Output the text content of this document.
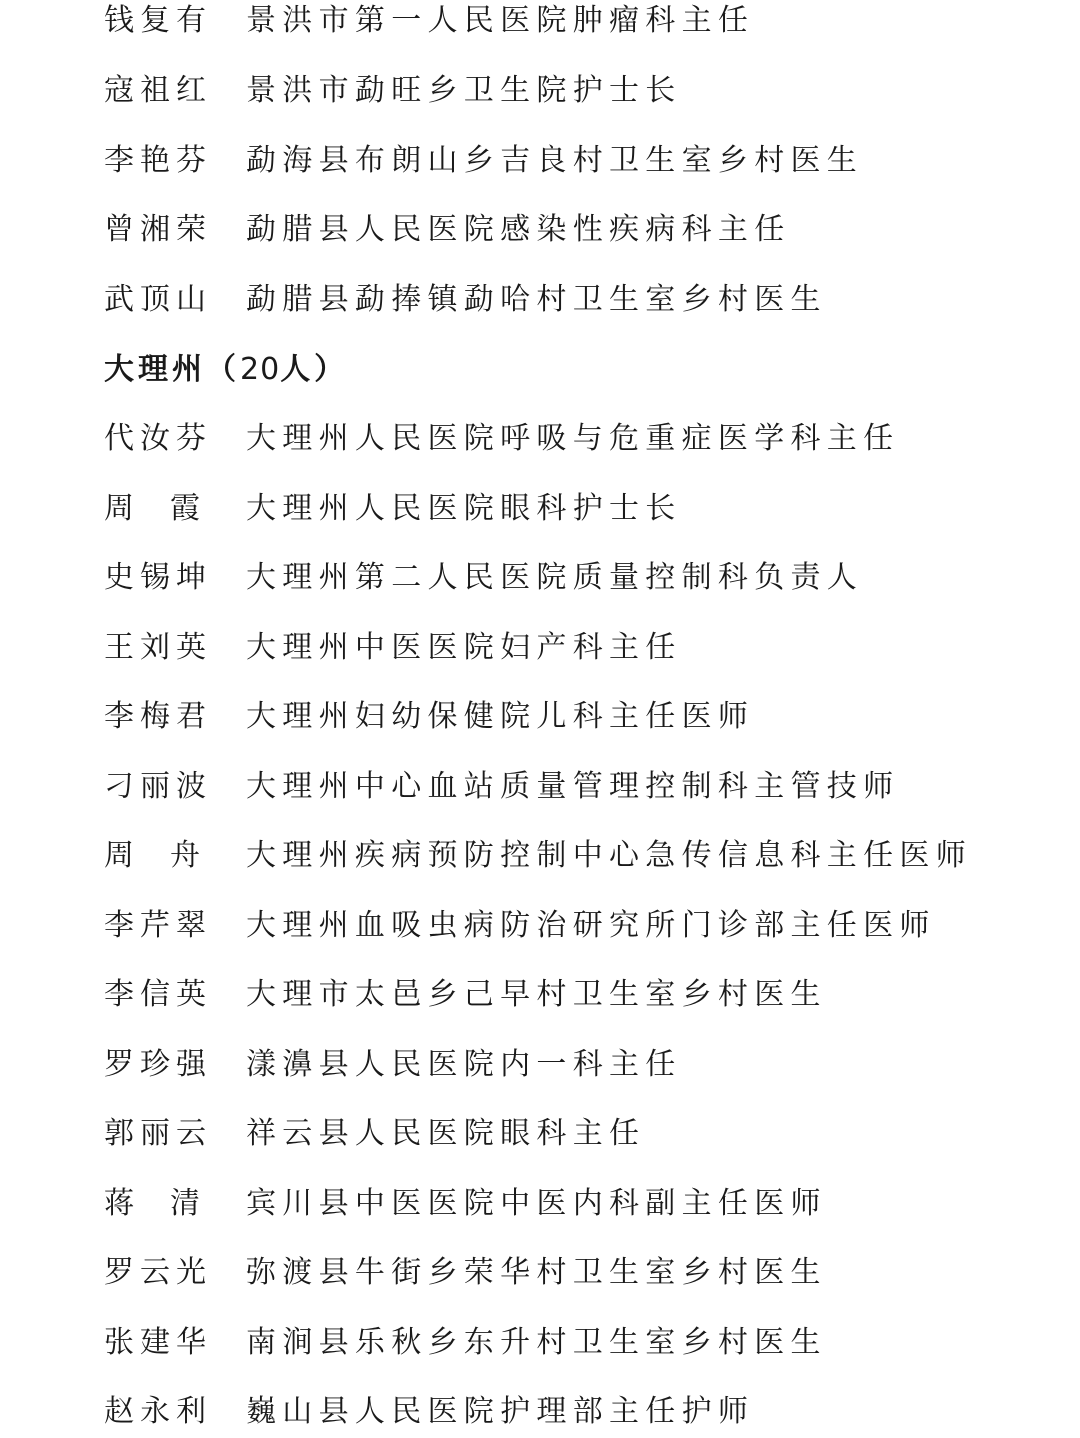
钱复有 景洪市第一人民医院肿瘤科主任
寇祖红 景洪市勐旺乡卫生院护士长
李艳芬 勐海县布朗山乡吉良村卫生室乡村医生
曾湘荣 勐腊县人民医院感染性疾病科主任
武顶山 勐腊县勐捧镇勐哈村卫生室乡村医生
大理州（20人）
代汝芬 大理州人民医院呼吸与危重症医学科主任
周霞 大理州人民医院眼科护士长
史锡坤 大理州第二人民医院质量控制科负责人
王刘英 大理州中医医院妇产科主任
李梅君 大理州妇幼保健院儿科主任医师
刁丽波 大理州中心血站质量管理控制科主管技师
周舟 大理州疾病预防控制中心急传信息科主任医师
李芹翠 大理州血吸虫病防治研究所门诊部主任医师
李信英 大理市太邑乡己早村卫生室乡村医生
罗珍强 漾濞县人民医院内一科主任
郭丽云 祥云县人民医院眼科主任
蒋清 宾川县中医医院中医内科副主任医师
罗云光 弥渡县牛街乡荣华村卫生室乡村医生
张建华 南涧县乐秋乡东升村卫生室乡村医生
赵永利 巍山县人民医院护理部主任护师
